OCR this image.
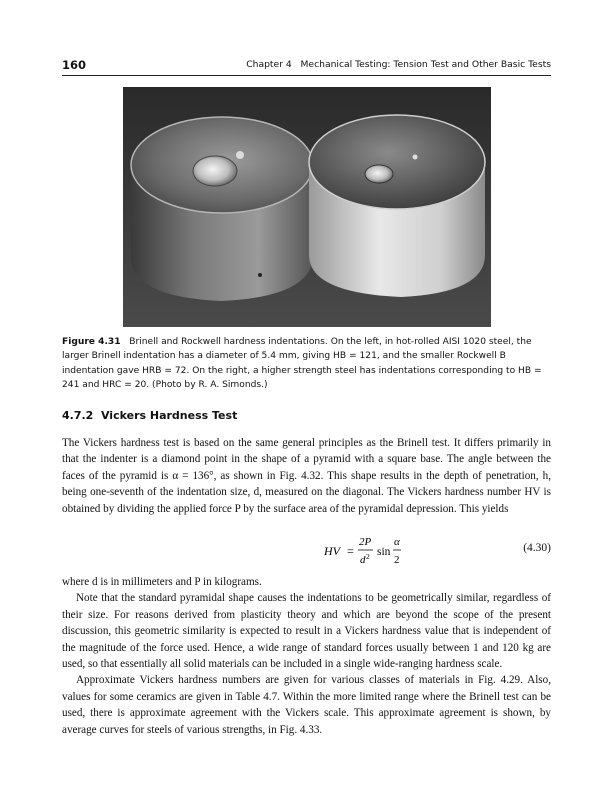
160	Chapter 4   Mechanical Testing: Tension Test and Other Basic Tests
Figure 4.31 Brinell and Rockwell hardness indentations. On the left, in hot-rolled AISI 1020 steel, the larger Brinell indentation has a diameter of 5.4 mm, giving HB = 121, and the smaller Rockwell B indentation gave HRB = 72. On the right, a higher strength steel has indentations corresponding to HB = 241 and HRC = 20. (Photo by R. A. Simonds.)
4.7.2  Vickers Hardness Test

The Vickers hardness test is based on the same general principles as the Brinell test. It differs primarily in that the indenter is a diamond point in the shape of a pyramid with a square base. The angle between the faces of the pyramid is α = 136°, as shown in Fig. 4.32. This shape results in the depth of penetration, h, being one-seventh of the indentation size, d, measured on the diagonal. The Vickers hardness number HV is obtained by dividing the applied force P by the surface area of the pyramidal depression. This yields

HV =
2P
d 2 sin
α
2
(4.30)

where d is in millimeters and P in kilograms.

Note that the standard pyramidal shape causes the indentations to be geometrically similar, regardless of their size. For reasons derived from plasticity theory and which are beyond the scope of the present discussion, this geometric similarity is expected to result in a Vickers hardness value that is independent of the magnitude of the force used. Hence, a wide range of standard forces usually between 1 and 120 kg are used, so that essentially all solid materials can be included in a single wide-ranging hardness scale.

Approximate Vickers hardness numbers are given for various classes of materials in Fig. 4.29. Also, values for some ceramics are given in Table 4.7. Within the more limited range where the Brinell test can be used, there is approximate agreement with the Vickers scale. This approximate agreement is shown, by average curves for steels of various strengths, in Fig. 4.33.
